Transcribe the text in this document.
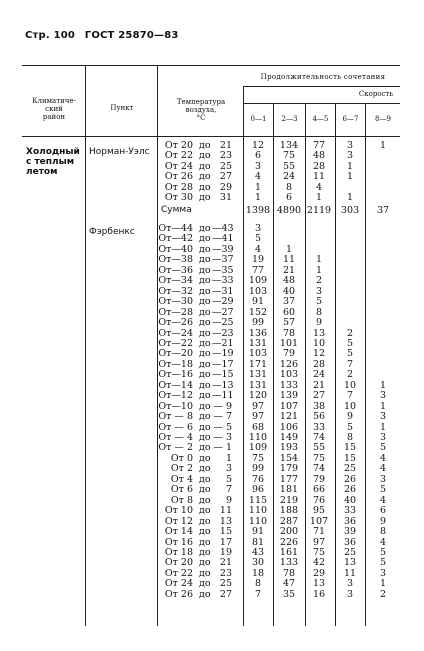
Стр. 100 ГОСТ 25870—83
Климатиче-
ский
район
Пункт
Температура
воздуха,
°С
Продолжительность сочетания
Скорость
0—1	2—3	4—5	6—7	8—9
Холодный
с теплым
летом
Норман-Уэлс
От 20 до 21	12	134	77	3	1
От 22 до 23	6	75	48	3
От 24 до 25	3	55	28	1
От 26 до 27	4	24	11	1
От 28 до 29	1	8	4
От 30 до 31	1	6	1	1
Сумма	1398 4890 2119	303	37
Фэрбенкс От—44 до —43	3
От—42 до —41	5
От—40 до —39	4	1
От—38 до —37	19	11	1
От—36 до —35	77	21	1
От—34 до —33	109	48	2
От—32 до —31	103	40	3
От—30 до —29	91	37	5
От—28 до —27	152	60	8
От—26 до —25	99	57	9
От—24 до —23	136	78	13	2
От—22 до —21	131	101	10	5
От—20 до —19	103	79	12	5
От—18 до —17	171	126	28	7
От—16 до —15	131	103	24	2
От—14 до —13	131	133	21	10	1
От—12 до —11	120	139	27	7	3
От—10 до — 9	97	107	38	10	1
От — 8 до — 7	97	121	56	9	3
От — 6 до — 5	68	106	33	5	1
От — 4 до — 3	110	149	74	8	3
От — 2 до — 1	109	193	55	15	5
От 0 до	1	75	154	75	15	4
От 2 до	3	99	179	74	25	4
От 4 до	5	76	177	79	26	3
От 6 до	7	96	181	66	26	5
От 8 до	9	115	219	76	40	4
От 10 до 11	110	188	95	33	6
От 12 до 13	110	287	107	36	9
От 14 до 15	91	200	71	39	8
От 16 до 17	81	226	97	36	4
От 18 до 19	43	161	75	25	5
От 20 до 21	30	133	42	13	5
От 22 до 23	18	78	29	11	3
От 24 до 25	8	47	13	3	1
От 26 до 27	7	35	16	3	2
